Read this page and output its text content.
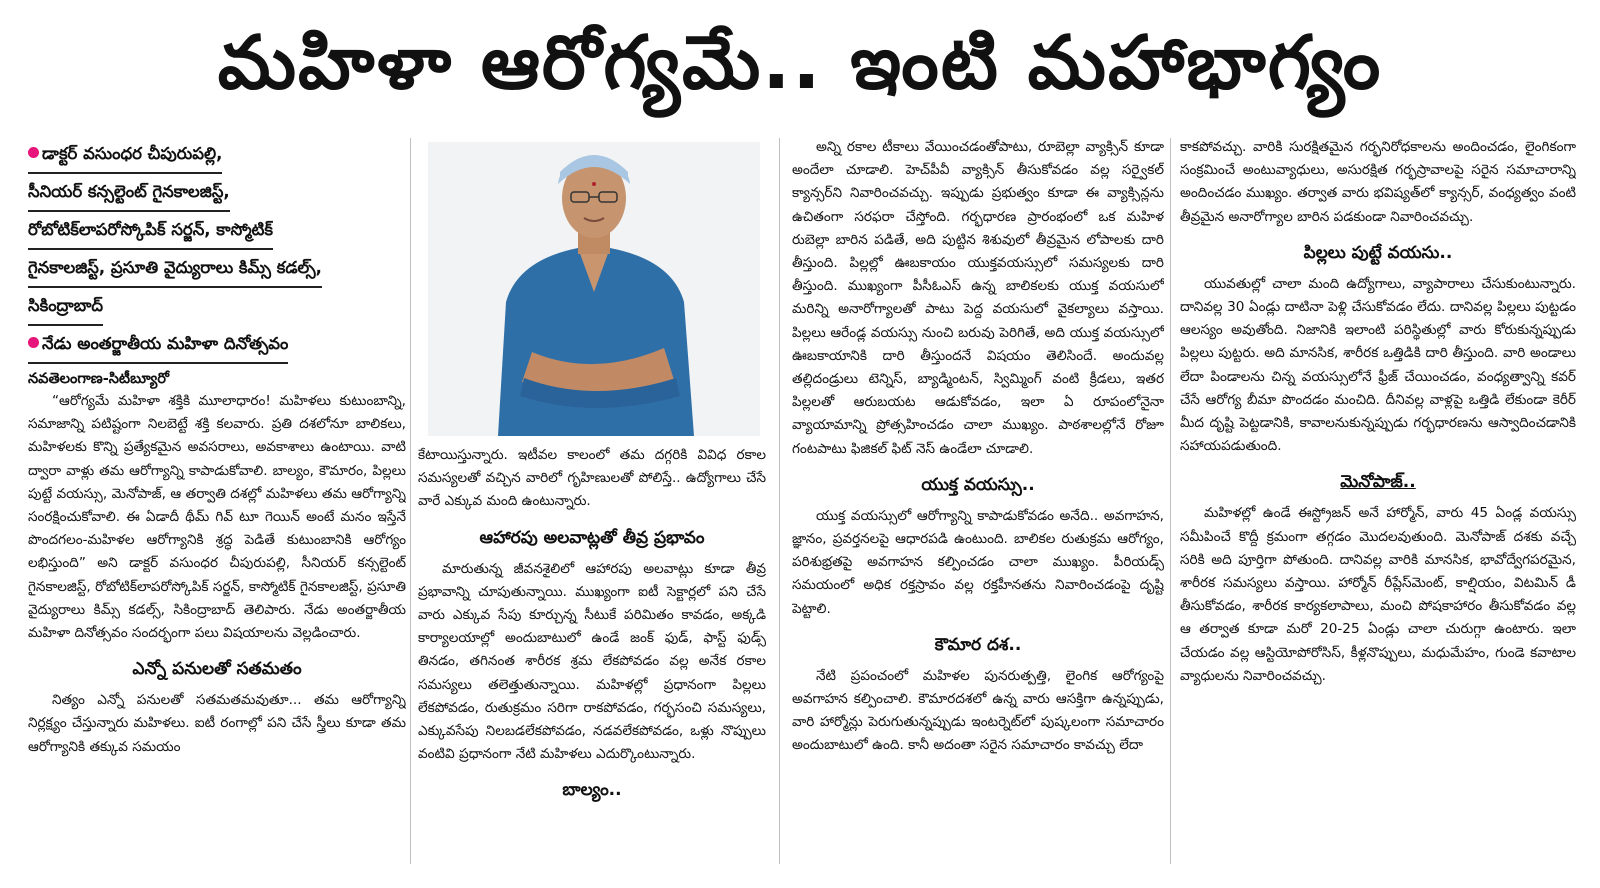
మహిళా ఆరోగ్యమే.. ఇంటి మహాభాగ్యం
డాక్టర్ వసుంధర చీపురుపల్లి,
సీనియర్ కన్సల్టెంట్ గైనకాలజిస్ట్,
రోబోటిక్‌లాపరోస్కోపిక్ సర్జన్, కాస్మోటిక్
గైనకాలజిస్ట్, ప్రసూతి వైద్యురాలు కిమ్స్ కడల్స్,
సికింద్రాబాద్
నేడు అంతర్జాతీయ మహిళా దినోత్సవం
నవతెలంగాణ-సిటీబ్యూరో

“ఆరోగ్యమే మహిళా శక్తికి మూలాధారం! మహిళలు కుటుంబాన్ని, సమాజాన్ని పటిష్టంగా నిలబెట్టే శక్తి కలవారు. ప్రతి దశలోనూ బాలికలు, మహిళలకు కొన్ని ప్రత్యేకమైన అవసరాలు, అవకాశాలు ఉంటాయి. వాటి ద్వారా వాళ్లు తమ ఆరోగ్యాన్ని కాపాడుకోవాలి. బాల్యం, కౌమారం, పిల్లలు పుట్టే వయస్సు, మెనోపాజ్, ఆ తర్వాతి దశల్లో మహిళలు తమ ఆరోగ్యాన్ని సంరక్షించుకోవాలి. ఈ ఏడాదీ థీమ్ గివ్ టూ గెయిన్ అంటే మనం ఇస్తేనే పొందగలం-మహిళల ఆరోగ్యానికి శ్రద్ధ పెడితే కుటుంబానికి ఆరోగ్యం లభిస్తుంది” అని డాక్టర్ వసుంధర చీపురుపల్లి, సీనియర్ కన్సల్టెంట్ గైనకాలజిస్ట్, రోబోటిక్‌లాపరోస్కోపిక్ సర్జన్, కాస్మోటిక్ గైనకాలజిస్ట్, ప్రసూతి వైద్యురాలు కిమ్స్ కడల్స్, సికింద్రాబాద్ తెలిపారు. నేడు అంతర్జాతీయ మహిళా దినోత్సవం సందర్భంగా పలు విషయాలను వెల్లడించారు.

ఎన్నో పనులతో సతమతం

నిత్యం ఎన్నో పనులతో సతమతమవుతూ... తమ ఆరోగ్యాన్ని నిర్లక్ష్యం చేస్తున్నారు మహిళలు. ఐటీ రంగాల్లో పని చేసే స్త్రీలు కూడా తమ ఆరోగ్యానికి తక్కువ సమయం

కేటాయిస్తున్నారు. ఇటీవల కాలంలో తమ దగ్గరికి వివిధ రకాల సమస్యలతో వచ్చిన వారిలో గృహిణులతో పోలిస్తే.. ఉద్యోగాలు చేసే వారే ఎక్కువ మంది ఉంటున్నారు.

ఆహారపు అలవాట్లతో తీవ్ర ప్రభావం

మారుతున్న జీవనశైలిలో ఆహారపు అలవాట్లు కూడా తీవ్ర ప్రభావాన్ని చూపుతున్నాయి. ముఖ్యంగా ఐటీ సెక్టార్లలో పని చేసే వారు ఎక్కువ సేపు కూర్చున్న సీటుకే పరిమితం కావడం, అక్కడి కార్యాలయాల్లో అందుబాటులో ఉండే జంక్ ఫుడ్, ఫాస్ట్ ఫుడ్స్ తినడం, తగినంత శారీరక శ్రమ లేకపోవడం వల్ల అనేక రకాల సమస్యలు తలెత్తుతున్నాయి. మహిళల్లో ప్రధానంగా పిల్లలు లేకపోవడం, రుతుక్రమం సరిగా రాకపోవడం, గర్భసంచి సమస్యలు, ఎక్కువసేపు నిలబడలేకపోవడం, నడవలేకపోవడం, ఒళ్లు నొప్పులు వంటివి ప్రధానంగా నేటి మహిళలు ఎదుర్కొంటున్నారు.

బాల్యం..

అన్ని రకాల టీకాలు వేయించడంతోపాటు, రూబెల్లా వ్యాక్సిన్ కూడా అందేలా చూడాలి. హెచ్‌పీవీ వ్యాక్సిన్ తీసుకోవడం వల్ల సర్వైకల్ క్యాన్సర్‌ని నివారించవచ్చు. ఇప్పుడు ప్రభుత్వం కూడా ఈ వ్యాక్సిన్లను ఉచితంగా సరఫరా చేస్తోంది. గర్భధారణ ప్రారంభంలో ఒక మహిళ రుబెల్లా బారిన పడితే, అది పుట్టిన శిశువులో తీవ్రమైన లోపాలకు దారి తీస్తుంది. పిల్లల్లో ఊబకాయం యుక్తవయస్సులో సమస్యలకు దారి తీస్తుంది. ముఖ్యంగా పీసీఓఎస్ ఉన్న బాలికలకు యుక్త వయసులో మరిన్ని అనారోగ్యాలతో పాటు పెద్ద వయసులో వైకల్యాలు వస్తాయి. పిల్లలు ఆరేండ్ల వయస్సు నుంచి బరువు పెరిగితే, అది యుక్త వయస్సులో ఊబకాయానికి దారి తీస్తుందనే విషయం తెలిసిందే. అందువల్ల తల్లిదండ్రులు టెన్నిస్, బ్యాడ్మింటన్, స్విమ్మింగ్ వంటి క్రీడలు, ఇతర పిల్లలతో ఆరుబయట ఆడుకోవడం, ఇలా ఏ రూపంలోనైనా వ్యాయామాన్ని ప్రోత్సహించడం చాలా ముఖ్యం. పాఠశాలల్లోనే రోజూ గంటపాటు ఫిజికల్ ఫిట్ నెస్ ఉండేలా చూడాలి.

యుక్త వయస్సు..

యుక్త వయస్సులో ఆరోగ్యాన్ని కాపాడుకోవడం అనేది.. అవగాహన, జ్ఞానం, ప్రవర్తనలపై ఆధారపడి ఉంటుంది. బాలికల రుతుక్రమ ఆరోగ్యం, పరిశుభ్రతపై అవగాహన కల్పించడం చాలా ముఖ్యం. పీరియడ్స్ సమయంలో అధిక రక్తస్రావం వల్ల రక్తహీనతను నివారించడంపై దృష్టి పెట్టాలి.

కౌమార దశ..

నేటి ప్రపంచంలో మహిళల పునరుత్పత్తి, లైంగిక ఆరోగ్యంపై అవగాహన కల్పించాలి. కౌమారదశలో ఉన్న వారు ఆసక్తిగా ఉన్నప్పుడు, వారి హార్మోన్లు పెరుగుతున్నప్పుడు ఇంటర్నెట్‌లో పుష్కలంగా సమాచారం అందుబాటులో ఉంది. కానీ అదంతా సరైన సమాచారం కావచ్చు లేదా

కాకపోవచ్చు. వారికి సురక్షితమైన గర్భనిరోధకాలను అందించడం, లైంగికంగా సంక్రమించే అంటువ్యాధులు, అసురక్షిత గర్భస్రావాలపై సరైన సమాచారాన్ని అందించడం ముఖ్యం. తర్వాత వారు భవిష్యత్‌లో క్యాన్సర్, వంధ్యత్వం వంటి తీవ్రమైన అనారోగ్యాల బారిన పడకుండా నివారించవచ్చు.

పిల్లలు పుట్టే వయసు..

యువతుల్లో చాలా మంది ఉద్యోగాలు, వ్యాపారాలు చేసుకుంటున్నారు. దానివల్ల 30 ఏండ్లు దాటినా పెళ్లి చేసుకోవడం లేదు. దానివల్ల పిల్లలు పుట్టడం ఆలస్యం అవుతోంది. నిజానికి ఇలాంటి పరిస్థితుల్లో వారు కోరుకున్నప్పుడు పిల్లలు పుట్టరు. అది మానసిక, శారీరక ఒత్తిడికి దారి తీస్తుంది. వారి అండాలు లేదా పిండాలను చిన్న వయస్సులోనే ఫ్రీజ్ చేయించడం, వంధ్యత్వాన్ని కవర్ చేసే ఆరోగ్య బీమా పొందడం మంచిది. దీనివల్ల వాళ్లపై ఒత్తిడి లేకుండా కెరీర్ మీద దృష్టి పెట్టడానికి, కావాలనుకున్నప్పుడు గర్భధారణను ఆస్వాదించడానికి సహాయపడుతుంది.

మెనోపాజ్..

మహిళల్లో ఉండే ఈస్ట్రోజన్ అనే హార్మోన్, వారు 45 ఏండ్ల వయస్సు సమీపించే కొద్దీ క్రమంగా తగ్గడం మొదలవుతుంది. మెనోపాజ్ దశకు వచ్చే సరికి అది పూర్తిగా పోతుంది. దానివల్ల వారికి మానసిక, భావోద్వేగపరమైన, శారీరక సమస్యలు వస్తాయి. హార్మోన్ రీప్లేస్‌మెంట్, కాల్షియం, విటమిన్ డీ తీసుకోవడం, శారీరక కార్యకలాపాలు, మంచి పోషకాహారం తీసుకోవడం వల్ల ఆ తర్వాత కూడా మరో 20-25 ఏండ్లు చాలా చురుగ్గా ఉంటారు. ఇలా చేయడం వల్ల ఆస్టియోపోరోసిస్, కీళ్లనొప్పులు, మధుమేహం, గుండె కవాటాల వ్యాధులను నివారించవచ్చు.
